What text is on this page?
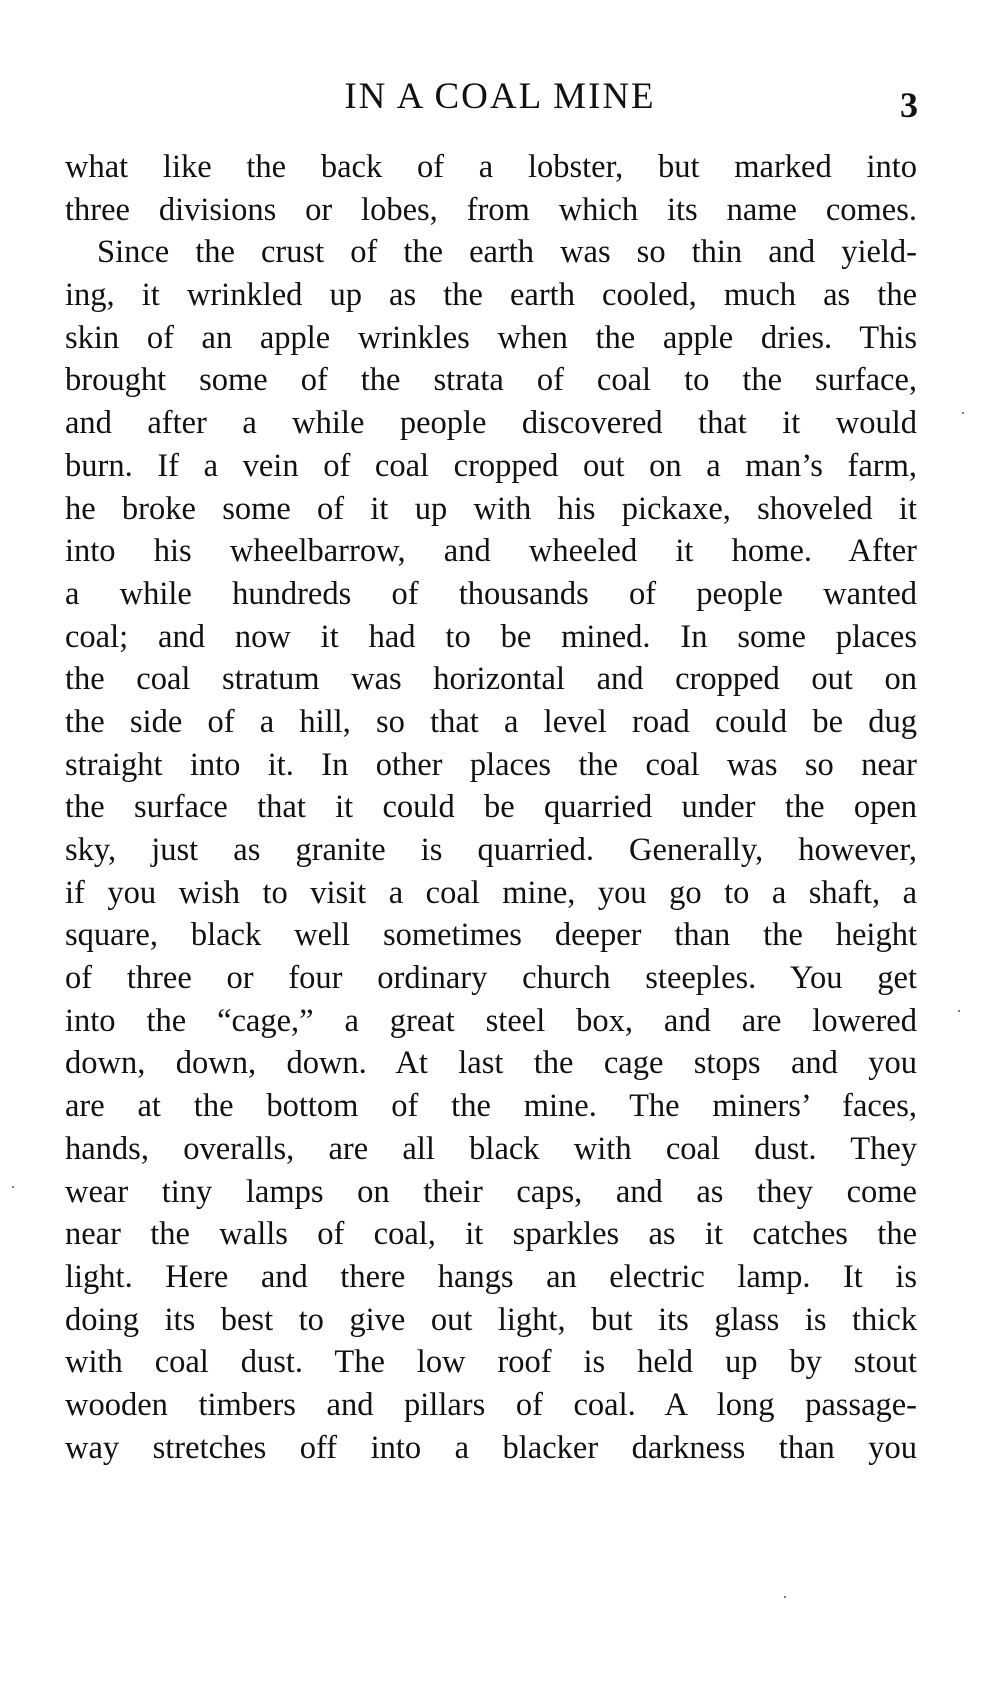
IN A COAL MINE	3
what like the back of a lobster, but marked into
three divisions or lobes, from which its name comes.
Since the crust of the earth was so thin and yield-
ing, it wrinkled up as the earth cooled, much as the
skin of an apple wrinkles when the apple dries. This
brought some of the strata of coal to the surface,
and after a while people discovered that it would
burn. If a vein of coal cropped out on a man’s farm,
he broke some of it up with his pickaxe, shoveled it
into his wheelbarrow, and wheeled it home. After
a while hundreds of thousands of people wanted
coal; and now it had to be mined. In some places
the coal stratum was horizontal and cropped out on
the side of a hill, so that a level road could be dug
straight into it. In other places the coal was so near
the surface that it could be quarried under the open
sky, just as granite is quarried. Generally, however,
if you wish to visit a coal mine, you go to a shaft, a
square, black well sometimes deeper than the height
of three or four ordinary church steeples. You get
into the “cage,” a great steel box, and are lowered
down, down, down. At last the cage stops and you
are at the bottom of the mine. The miners’ faces,
hands, overalls, are all black with coal dust. They
wear tiny lamps on their caps, and as they come
near the walls of coal, it sparkles as it catches the
light. Here and there hangs an electric lamp. It is
doing its best to give out light, but its glass is thick
with coal dust. The low roof is held up by stout
wooden timbers and pillars of coal. A long passage-
way stretches off into a blacker darkness than you
